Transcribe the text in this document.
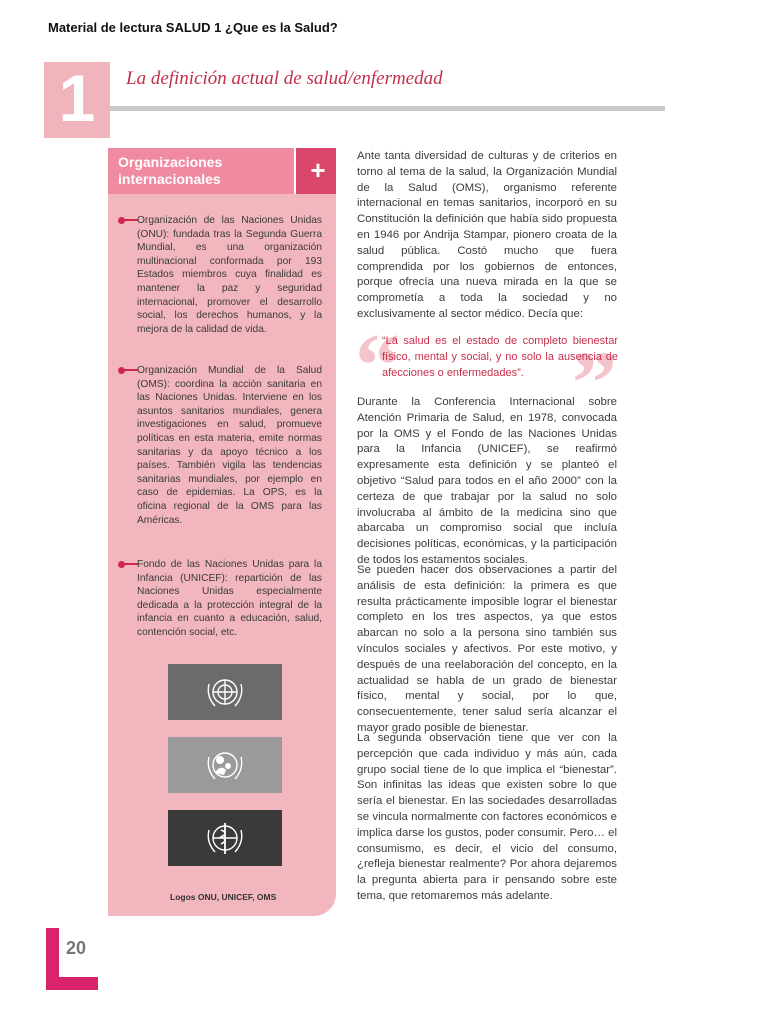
Material de lectura SALUD 1 ¿Que es la Salud?
1	La definición actual de salud/enfermedad
Organizaciones internacionales	+
Organización de las Naciones Unidas (ONU): fundada tras la Segunda Guerra Mundial, es una organización multinacional conformada por 193 Estados miembros cuya finalidad es mantener la paz y seguridad internacional, promover el desarrollo social, los derechos humanos, y la mejora de la calidad de vida.
Organización Mundial de la Salud (OMS): coordina la acción sanitaria en las Naciones Unidas. Interviene en los asuntos sanitarios mundiales, genera investigaciones en salud, promueve políticas en esta materia, emite normas sanitarias y da apoyo técnico a los países. También vigila las tendencias sanitarias mundiales, por ejemplo en caso de epidemias. La OPS, es la oficina regional de la OMS para las Américas.
Fondo de las Naciones Unidas para la Infancia (UNICEF): repartición de las Naciones Unidas especialmente dedicada a la protección integral de la infancia en cuanto a educación, salud, contención social, etc.
Logos ONU, UNICEF, OMS
Ante tanta diversidad de culturas y de criterios en torno al tema de la salud, la Organización Mundial de la Salud (OMS), organismo referente internacional en temas sanitarios, incorporó en su Constitución la definición que había sido propuesta en 1946 por Andrija Stampar, pionero croata de la salud pública. Costó mucho que fuera comprendida por los gobiernos de entonces, porque ofrecía una nueva mirada en la que se comprometía a toda la sociedad y no exclusivamente al sector médico. Decía que:
“ ”
“La salud es el estado de completo bienestar físico, mental y social, y no solo la ausencia de afecciones o enfermedades”.
Durante la Conferencia Internacional sobre Atención Primaria de Salud, en 1978, convocada por la OMS y el Fondo de las Naciones Unidas para la Infancia (UNICEF), se reafirmó expresamente esta definición y se planteó el objetivo “Salud para todos en el año 2000” con la certeza de que trabajar por la salud no solo involucraba al ámbito de la medicina sino que abarcaba un compromiso social que incluía decisiones políticas, económicas, y la participación de todos los estamentos sociales.
Se pueden hacer dos observaciones a partir del análisis de esta definición: la primera es que resulta prácticamente imposible lograr el bienestar completo en los tres aspectos, ya que estos abarcan no solo a la persona sino también sus vínculos sociales y afectivos. Por este motivo, y después de una reelaboración del concepto, en la actualidad se habla de un grado de bienestar físico, mental y social, por lo que, consecuentemente, tener salud sería alcanzar el mayor grado posible de bienestar.
La segunda observación tiene que ver con la percepción que cada individuo y más aún, cada grupo social tiene de lo que implica el “bienestar”. Son infinitas las ideas que existen sobre lo que sería el bienestar. En las sociedades desarrolladas se vincula normalmente con factores económicos e implica darse los gustos, poder consumir. Pero… el consumismo, es decir, el vicio del consumo, ¿refleja bienestar realmente? Por ahora dejaremos la pregunta abierta para ir pensando sobre este tema, que retomaremos más adelante.
20
